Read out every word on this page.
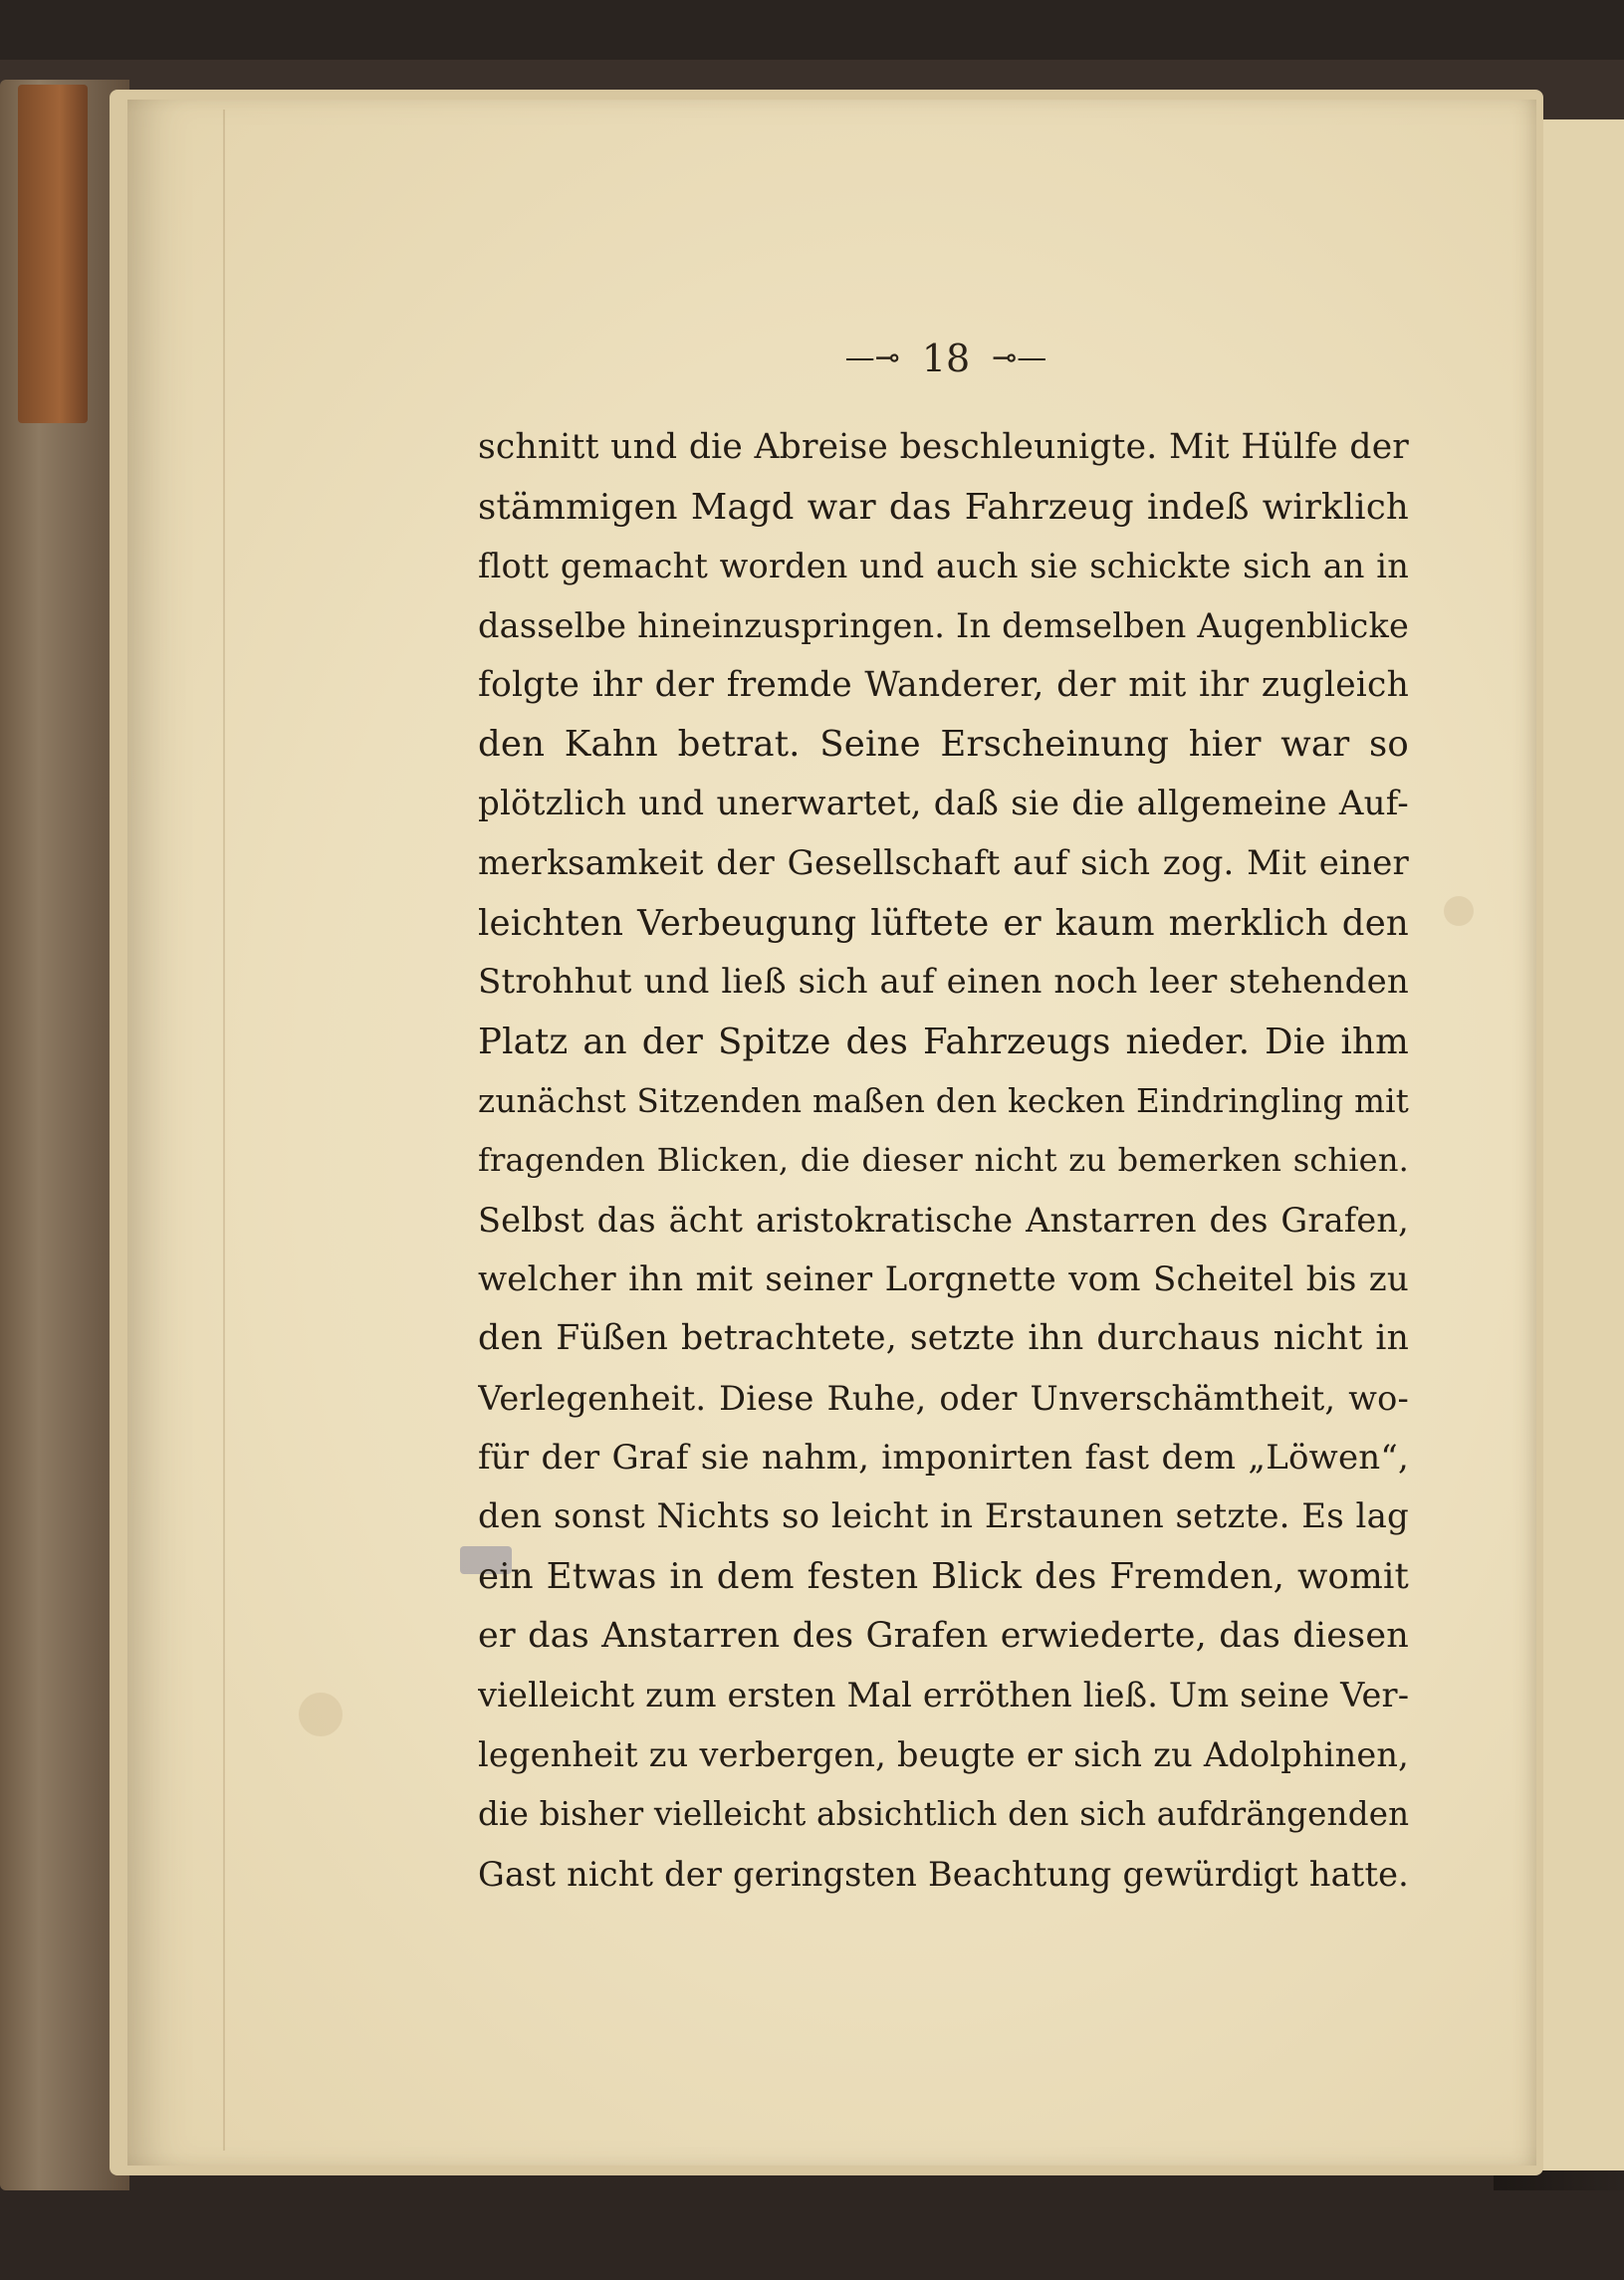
—⊸ 18 ⊸—
schnitt und die Abreise beschleunigte. Mit Hülfe der
stämmigen Magd war das Fahrzeug indeß wirklich
flott gemacht worden und auch sie schickte sich an in
dasselbe hineinzuspringen. In demselben Augenblicke
folgte ihr der fremde Wanderer, der mit ihr zugleich
den Kahn betrat. Seine Erscheinung hier war so
plötzlich und unerwartet, daß sie die allgemeine Auf-
merksamkeit der Gesellschaft auf sich zog. Mit einer
leichten Verbeugung lüftete er kaum merklich den
Strohhut und ließ sich auf einen noch leer stehenden
Platz an der Spitze des Fahrzeugs nieder. Die ihm
zunächst Sitzenden maßen den kecken Eindringling mit
fragenden Blicken, die dieser nicht zu bemerken schien.
Selbst das ächt aristokratische Anstarren des Grafen,
welcher ihn mit seiner Lorgnette vom Scheitel bis zu
den Füßen betrachtete, setzte ihn durchaus nicht in
Verlegenheit. Diese Ruhe, oder Unverschämtheit, wo-
für der Graf sie nahm, imponirten fast dem „Löwen“,
den sonst Nichts so leicht in Erstaunen setzte. Es lag
ein Etwas in dem festen Blick des Fremden, womit
er das Anstarren des Grafen erwiederte, das diesen
vielleicht zum ersten Mal erröthen ließ. Um seine Ver-
legenheit zu verbergen, beugte er sich zu Adolphinen,
die bisher vielleicht absichtlich den sich aufdrängenden
Gast nicht der geringsten Beachtung gewürdigt hatte.
